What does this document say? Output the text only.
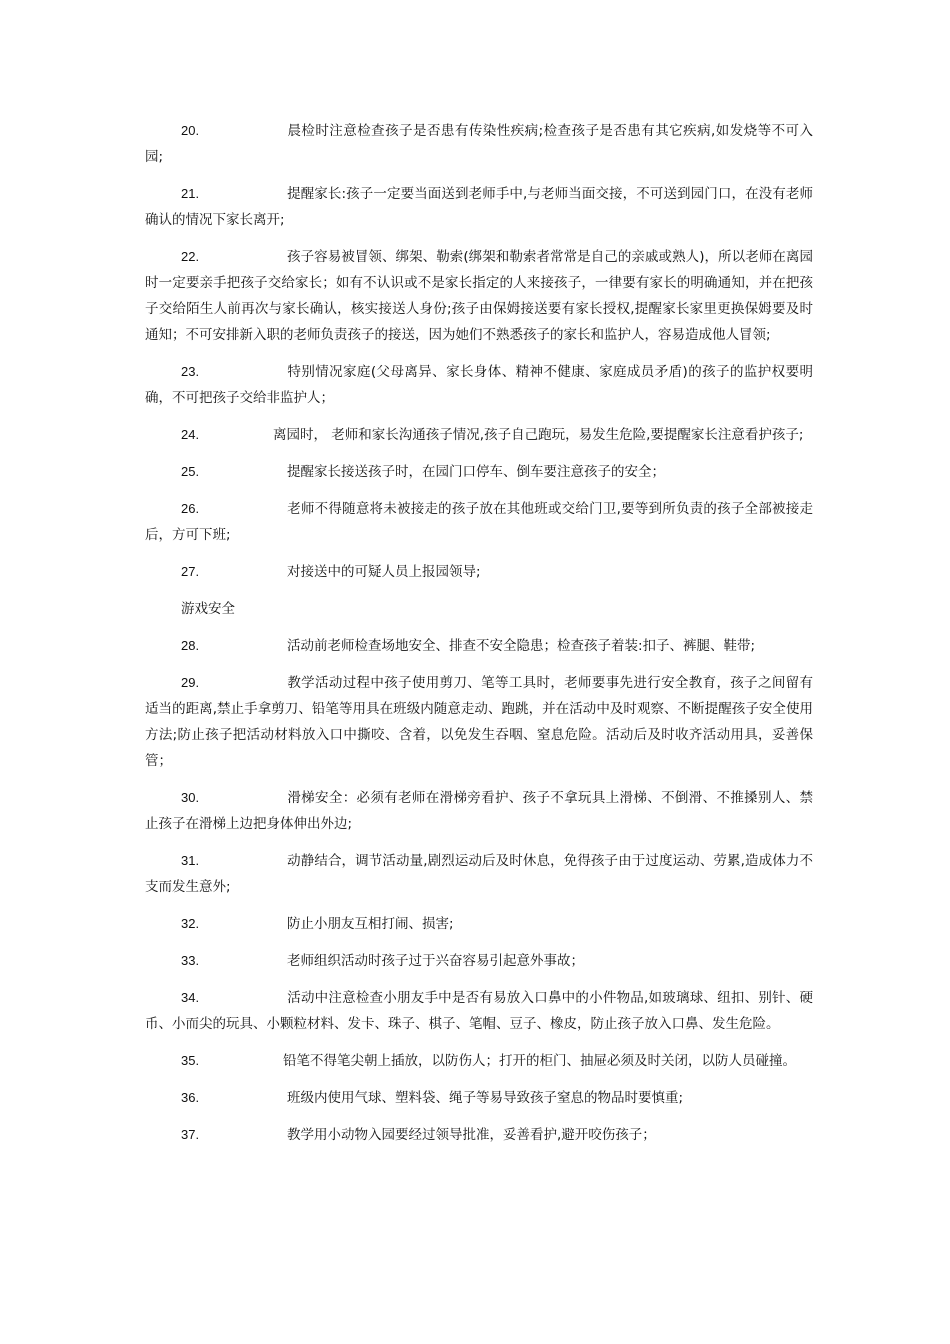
20.	晨检时注意检查孩子是否患有传染性疾病;检查孩子是否患有其它疾病,如发烧等不可入园;

21.	提醒家长:孩子一定要当面送到老师手中,与老师当面交接，不可送到园门口，在没有老师确认的情况下家长离开;

22.	孩子容易被冒领、绑架、勒索(绑架和勒索者常常是自己的亲戚或熟人)，所以老师在离园时一定要亲手把孩子交给家长；如有不认识或不是家长指定的人来接孩子，一律要有家长的明确通知，并在把孩子交给陌生人前再次与家长确认，核实接送人身份;孩子由保姆接送要有家长授权,提醒家长家里更换保姆要及时通知；不可安排新入职的老师负责孩子的接送，因为她们不熟悉孩子的家长和监护人，容易造成他人冒领;

23.	特别情况家庭(父母离异、家长身体、精神不健康、家庭成员矛盾)的孩子的监护权要明确，不可把孩子交给非监护人；

24.	离园时， 老师和家长沟通孩子情况,孩子自己跑玩，易发生危险,要提醒家长注意看护孩子;

25.	提醒家长接送孩子时，在园门口停车、倒车要注意孩子的安全；

26.	老师不得随意将未被接走的孩子放在其他班或交给门卫,要等到所负责的孩子全部被接走后，方可下班;

27.	对接送中的可疑人员上报园领导;

游戏安全

28.	活动前老师检查场地安全、排查不安全隐患；检查孩子着装:扣子、裤腿、鞋带;

29.	教学活动过程中孩子使用剪刀、笔等工具时，老师要事先进行安全教育，孩子之间留有适当的距离,禁止手拿剪刀、铅笔等用具在班级内随意走动、跑跳，并在活动中及时观察、不断提醒孩子安全使用方法;防止孩子把活动材料放入口中撕咬、含着，以免发生吞咽、窒息危险。活动后及时收齐活动用具，妥善保管；

30.	滑梯安全：必须有老师在滑梯旁看护、孩子不拿玩具上滑梯、不倒滑、不推搡别人、禁止孩子在滑梯上边把身体伸出外边;

31.	动静结合，调节活动量,剧烈运动后及时休息，免得孩子由于过度运动、劳累,造成体力不支而发生意外;

32.	防止小朋友互相打闹、损害;

33.	老师组织活动时孩子过于兴奋容易引起意外事故；

34.	活动中注意检查小朋友手中是否有易放入口鼻中的小件物品,如玻璃球、纽扣、别针、硬币、小而尖的玩具、小颗粒材料、发卡、珠子、棋子、笔帽、豆子、橡皮，防止孩子放入口鼻、发生危险。

35.	铅笔不得笔尖朝上插放，以防伤人；打开的柜门、抽屉必须及时关闭，以防人员碰撞。

36.	班级内使用气球、塑料袋、绳子等易导致孩子窒息的物品时要慎重;

37.	教学用小动物入园要经过领导批准，妥善看护,避开咬伤孩子；
